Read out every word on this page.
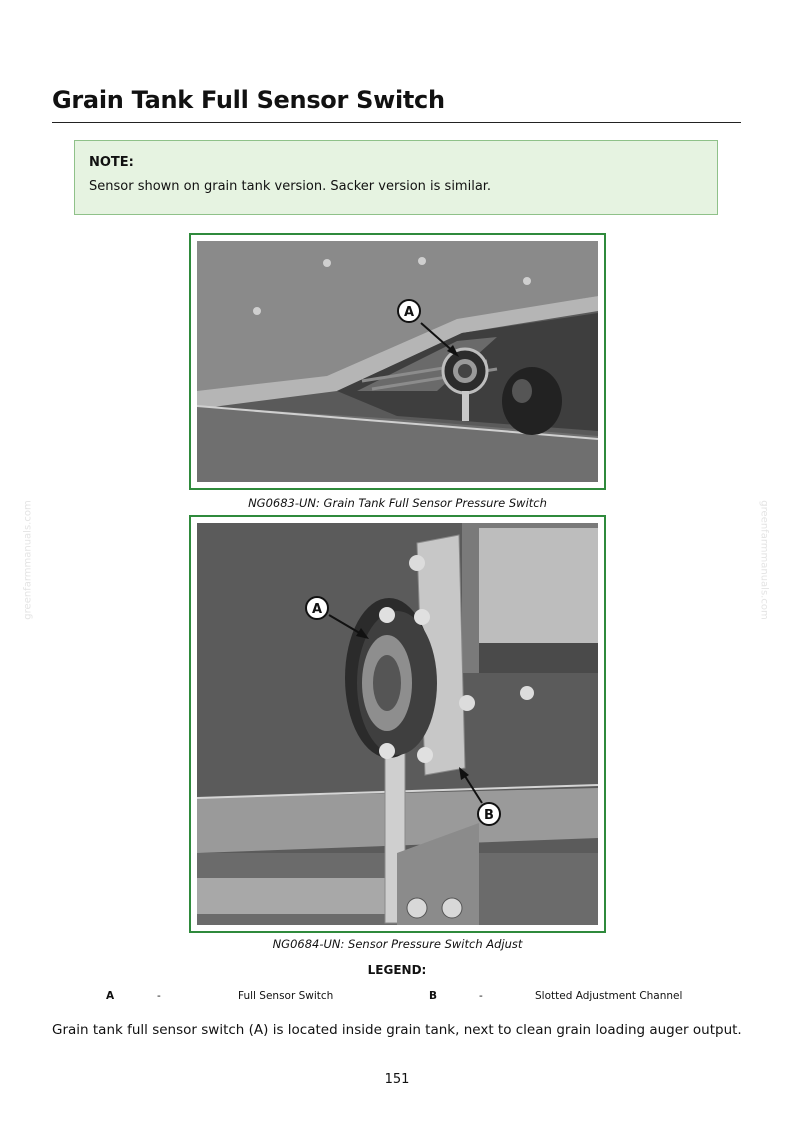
greenfarmmanuals.com	greenfarmmanuals.com
Grain Tank Full Sensor Switch
NOTE:
Sensor shown on grain tank version. Sacker version is similar.
A
NG0683-UN: Grain Tank Full Sensor Pressure Switch
A
B
NG0684-UN: Sensor Pressure Switch Adjust
LEGEND:
A	-	Full Sensor Switch	B	-	Slotted Adjustment Channel
Grain tank full sensor switch (A) is located inside grain tank, next to clean grain loading auger output.
151
